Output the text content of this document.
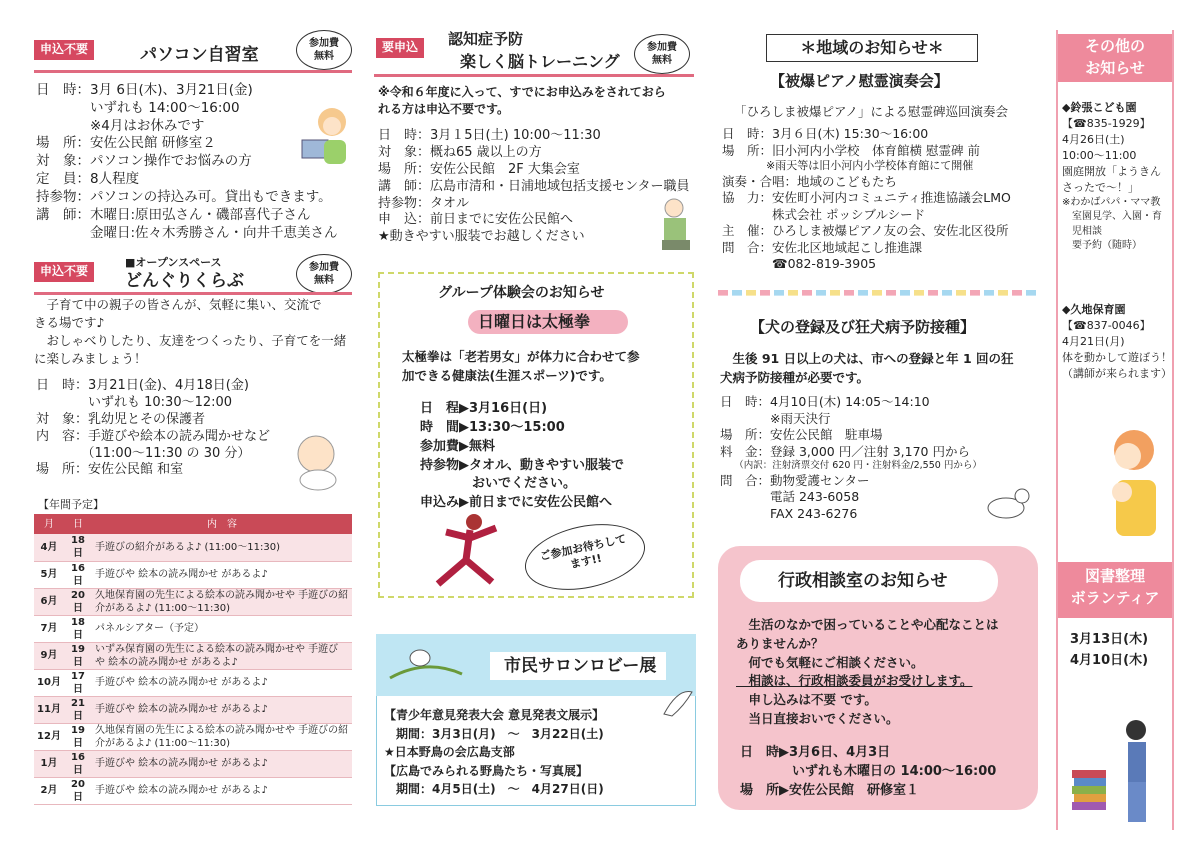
申込不要	パソコン自習室
参加費
無料
日　時：3月 6日(木)、3月21日(金)
　　　　いずれも 14:00～16:00
　　　　※4月はお休みです
場　所：安佐公民館 研修室２
対　象：パソコン操作でお悩みの方
定　員：8人程度
持参物：パソコンの持込み可。貸出もできます。
講　師：木曜日:原田弘さん・磯部喜代子さん
　　　　金曜日:佐々木秀勝さん・向井千恵美さん
申込不要
■オープンスペース
どんぐりくらぶ
参加費
無料
　子育て中の親子の皆さんが、気軽に集い、交流で
きる場です♪
　おしゃべりしたり、友達をつくったり、子育てを一緒
に楽しみましょう！
日　時：3月21日(金)、4月18日(金)
　　　　いずれも 10:30～12:00
対　象：乳幼児とその保護者
内　容：手遊びや絵本の読み聞かせなど
　　　　（11:00～11:30 の 30 分）
場　所：安佐公民館 和室
【年間予定】
月	日	内　容
4月	18日	手遊びの紹介があるよ♪ (11:00～11:30)
5月	16日	手遊びや 絵本の読み聞かせ があるよ♪
6月	20日	久地保育園の先生による絵本の読み聞かせや 手遊びの紹介があるよ♪ (11:00～11:30)
7月	18日	パネルシアター（予定）
9月	19日	いずみ保育園の先生による絵本の読み聞かせや 手遊び や 絵本の読み聞かせ があるよ♪
10月	17日	手遊びや 絵本の読み聞かせ があるよ♪
11月	21日	手遊びや 絵本の読み聞かせ があるよ♪
12月	19日	久地保育園の先生による絵本の読み聞かせや 手遊びの紹介があるよ♪ (11:00～11:30)
1月	16日	手遊びや 絵本の読み聞かせ があるよ♪
2月	20日	手遊びや 絵本の読み聞かせ があるよ♪
要申込	認知症予防
楽しく脳トレーニング
参加費
無料
※令和６年度に入って、すでにお申込みをされておら
れる方は申込不要です。
日　時：3月１5日(土) 10:00～11:30
対　象：概ね65 歳以上の方
場　所：安佐公民館　2F 大集会室
講　師：広島市清和・日浦地域包括支援センター職員
持参物：タオル
申　込：前日までに安佐公民館へ
★動きやすい服装でお越しください
グループ体験会のお知らせ
日曜日は太極拳
太極拳は「老若男女」が体力に合わせて参
加できる健康法(生涯スポーツ)です。
日　程▶3月16日(日)
時　間▶13:30～15:00
参加費▶無料
持参物▶タオル、動きやすい服装で
　　　　おいでください。
申込み▶前日までに安佐公民館へ
ご参加お待ちして
ます!!
市民サロンロビー展
【青少年意見発表大会 意見発表文展示】
　期間：3月3日(月)　～　3月22日(土)
★日本野鳥の会広島支部
【広島でみられる野鳥たち・写真展】
　期間：4月5日(土)　～　4月27日(日)
＊地域のお知らせ＊
【被爆ピアノ慰霊演奏会】
「ひろしま被爆ピアノ」による慰霊碑巡回演奏会
日　時：3月６日(木) 15:30～16:00
場　所：旧小河内小学校　体育館横 慰霊碑 前
　　　　※雨天等は旧小河内小学校体育館にて開催
演奏・合唱：地域のこどもたち
協　力：安佐町小河内コミュニティ推進協議会LMO
　　　　株式会社 ポッシブルシード
主　催：ひろしま被爆ピアノ友の会、安佐北区役所
問　合：安佐北区地域起こし推進課
　　　　☎082-819-3905
【犬の登録及び狂犬病予防接種】
　生後 91 日以上の犬は、市への登録と年 1 回の狂
犬病予防接種が必要です。
日　時：4月10日(木) 14:05～14:10
　　　　※雨天決行
場　所：安佐公民館　駐車場
料　金：登録 3,000 円／注射 3,170 円から
　　（内訳：注射済票交付 620 円・注射料金/2,550 円から）
問　合：動物愛護センター
　　　　電話 243-6058
　　　　FAX 243-6276
行政相談室のお知らせ
　生活のなかで困っていることや心配なことは
ありませんか？
　何でも気軽にご相談ください。
　相談は、行政相談委員がお受けします。
　申し込みは不要 です。
　当日直接おいでください。
日　時▶3月6日、4月3日
　　　　いずれも木曜日の 14:00～16:00
場　所▶安佐公民館　研修室１
その他の
お知らせ
◆鈴張こども園
【☎835-1929】
4月26日(土)
10:00～11:00
園庭開放「ようきん
さったで～！」
※わかばパパ・ママ教
　室園見学、入園・育
　児相談
　要予約（随時）
◆久地保育園
【☎837-0046】
4月21日(月)
体を動かして遊ぼう！
（講師が来られます）
図書整理
ボランティア
3月13日(木)
4月10日(木)
